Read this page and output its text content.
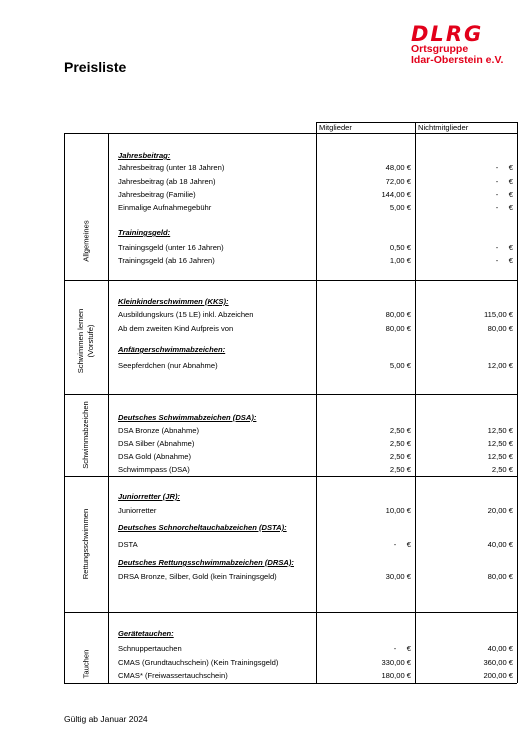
DLRG
Ortsgruppe
Idar-Oberstein e.V.
Preisliste
Mitglieder	Nichtmitglieder
Allgemeines
Jahresbeitrag:
Jahresbeitrag (unter 18 Jahren)	48,00 €	-     €
Jahresbeitrag (ab 18 Jahren)	72,00 €	-     €
Jahresbeitrag (Familie)	144,00 €	-     €
Einmalige Aufnahmegebühr	5,00 €	-     €
Trainingsgeld:
Trainingsgeld (unter 16 Jahren)	0,50 €	-     €
Trainingsgeld (ab 16 Jahren)	1,00 €	-     €
Schwimmen lernen (Vorstufe)
Kleinkinderschwimmen (KKS):
Ausbildungskurs (15 LE) inkl. Abzeichen	80,00 €	115,00 €
Ab dem zweiten Kind Aufpreis von	80,00 €	80,00 €
Anfängerschwimmabzeichen:
Seepferdchen (nur Abnahme)	5,00 €	12,00 €
Schwimmabzeichen	Deutsches Schwimmabzeichen (DSA):
DSA Bronze (Abnahme)	2,50 €	12,50 €
DSA Silber (Abnahme)	2,50 €	12,50 €
DSA Gold (Abnahme)	2,50 €	12,50 €
Schwimmpass (DSA)	2,50 €	2,50 €
Rettungsschwimmen
Juniorretter (JR):
Juniorretter	10,00 €	20,00 €
Deutsches Schnorcheltauchabzeichen (DSTA):
DSTA	-     €	40,00 €
Deutsches Rettungsschwimmabzeichen (DRSA):
DRSA Bronze, Silber, Gold (kein Trainingsgeld)	30,00 €	80,00 €
Tauchen
Gerätetauchen:
Schnuppertauchen	-     €	40,00 €
CMAS (Grundtauchschein) (Kein Trainingsgeld)	330,00 €	360,00 €
CMAS* (Freiwassertauchschein)	180,00 €	200,00 €
Gültig ab Januar 2024
